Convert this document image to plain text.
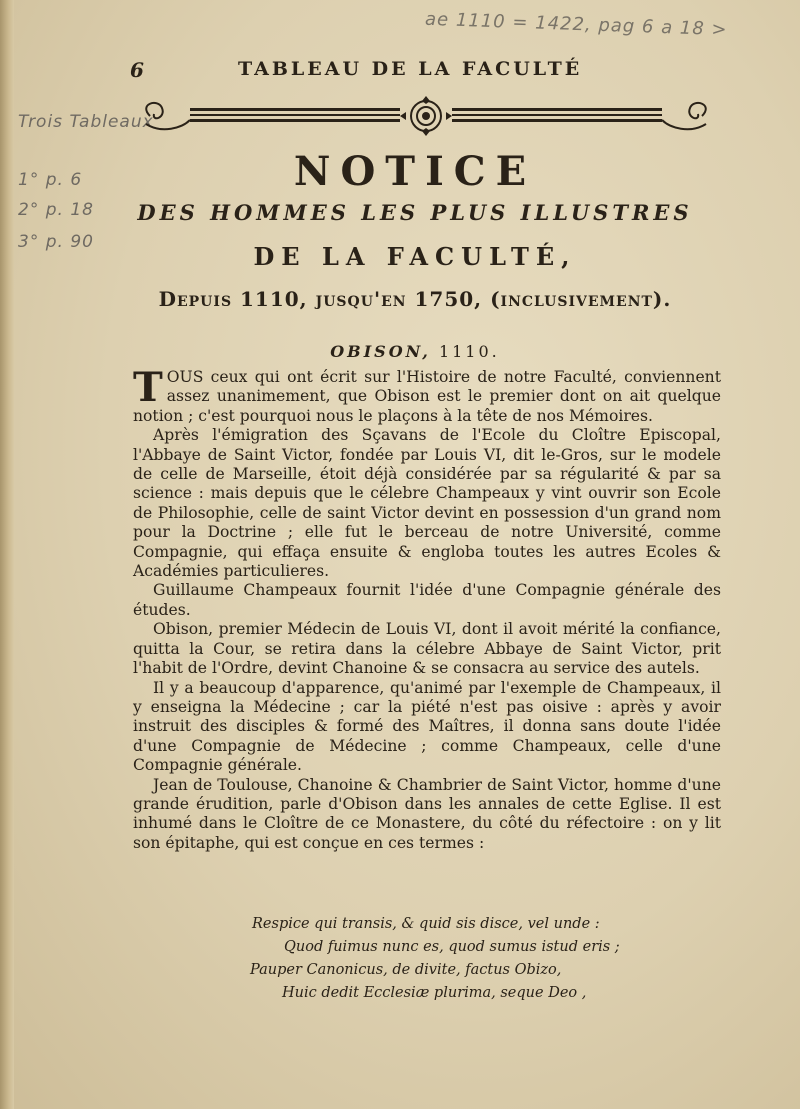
ae 1110 = 1422, pag 6 a 18 >
Trois Tableaux
1° p. 6
2° p. 18
3° p. 90
6	TABLEAU DE LA FACULTÉ
NOTICE
DES HOMMES LES PLUS ILLUSTRES
DE LA FACULTÉ,
Depuis 1110, jusqu'en 1750, (inclusivement).
OBISON, 1110.

TOUS ceux qui ont écrit sur l'Histoire de notre Faculté, conviennent assez unanimement, que Obison est le premier dont on ait quelque notion ; c'est pourquoi nous le plaçons à la tête de nos Mémoires.

Après l'émigration des Sçavans de l'Ecole du Cloître Episcopal, l'Abbaye de Saint Victor, fondée par Louis VI, dit le-Gros, sur le modele de celle de Marseille, étoit déjà considérée par sa régularité & par sa science : mais depuis que le célebre Champeaux y vint ouvrir son Ecole de Philosophie, celle de saint Victor devint en possession d'un grand nom pour la Doctrine ; elle fut le berceau de notre Université, comme Compagnie, qui effaça ensuite & engloba toutes les autres Ecoles & Académies particulieres.

Guillaume Champeaux fournit l'idée d'une Compagnie générale des études.

Obison, premier Médecin de Louis VI, dont il avoit mérité la confiance, quitta la Cour, se retira dans la célebre Abbaye de Saint Victor, prit l'habit de l'Ordre, devint Chanoine & se consacra au service des autels.

Il y a beaucoup d'apparence, qu'animé par l'exemple de Champeaux, il y enseigna la Médecine ; car la piété n'est pas oisive : après y avoir instruit des disciples & formé des Maîtres, il donna sans doute l'idée d'une Compagnie de Médecine ; comme Champeaux, celle d'une Compagnie générale.

Jean de Toulouse, Chanoine & Chambrier de Saint Victor, homme d'une grande érudition, parle d'Obison dans les annales de cette Eglise. Il est inhumé dans le Cloître de ce Monastere, du côté du réfectoire : on y lit son épitaphe, qui est conçue en ces termes :

Respice qui transis, & quid sis disce, vel unde :
Quod fuimus nunc es, quod sumus istud eris ;
Pauper Canonicus, de divite, factus Obizo,
Huic dedit Ecclesiæ plurima, seque Deo ,
